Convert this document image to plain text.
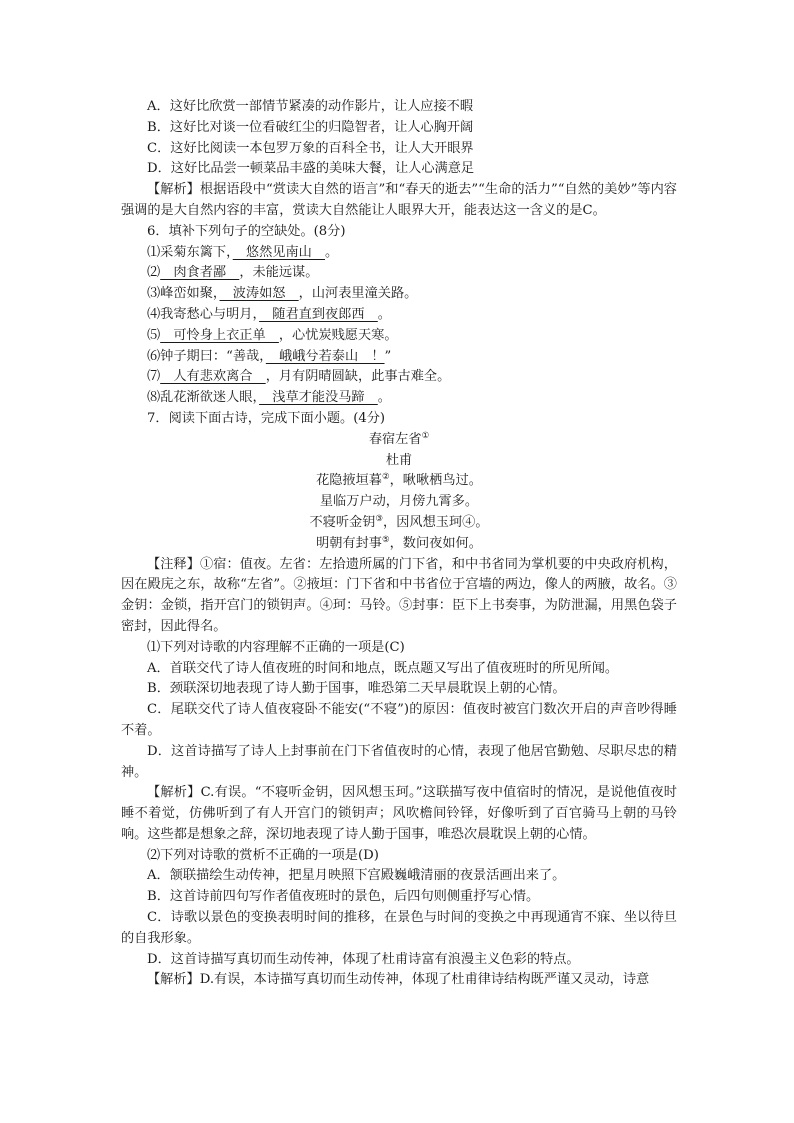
A．这好比欣赏一部情节紧凑的动作影片，让人应接不暇
B．这好比对谈一位看破红尘的归隐智者，让人心胸开阔
C．这好比阅读一本包罗万象的百科全书，让人大开眼界
D．这好比品尝一顿菜品丰盛的美味大餐，让人心满意足
【解析】根据语段中“赏读大自然的语言”和“春天的逝去”“生命的活力”“自然的美妙”等内容强调的是大自然内容的丰富，赏读大自然能让人眼界大开，能表达这一含义的是C。
6．填补下列句子的空缺处。(8分)
⑴采菊东篱下，　悠然见南山　。
⑵　肉食者鄙　，未能远谋。
⑶峰峦如聚，　波涛如怒　，山河表里潼关路。
⑷我寄愁心与明月，　随君直到夜郎西　。
⑸　可怜身上衣正单　，心忧炭贱愿天寒。
⑹钟子期曰：“善哉，　峨峨兮若泰山　！”
⑺　人有悲欢离合　，月有阴晴圆缺，此事古难全。
⑻乱花渐欲迷人眼，　浅草才能没马蹄　。
7．阅读下面古诗，完成下面小题。(4分)
春宿左省①
杜甫
花隐掖垣暮②，啾啾栖鸟过。
星临万户动，月傍九霄多。
不寝听金钥③，因风想玉珂④。
明朝有封事⑤，数问夜如何。
【注释】①宿：值夜。左省：左拾遗所属的门下省，和中书省同为掌机要的中央政府机构，因在殿庑之东，故称“左省”。②掖垣：门下省和中书省位于宫墙的两边，像人的两腋，故名。③金钥：金锁，指开宫门的锁钥声。④珂：马铃。⑤封事：臣下上书奏事，为防泄漏，用黑色袋子密封，因此得名。
⑴下列对诗歌的内容理解不正确的一项是(C)
A．首联交代了诗人值夜班的时间和地点，既点题又写出了值夜班时的所见所闻。
B．颈联深切地表现了诗人勤于国事，唯恐第二天早晨耽误上朝的心情。
C．尾联交代了诗人值夜寝卧不能安(“不寝”)的原因：值夜时被宫门数次开启的声音吵得睡不着。
D．这首诗描写了诗人上封事前在门下省值夜时的心情，表现了他居官勤勉、尽职尽忠的精神。
【解析】C.有误。“不寝听金钥，因风想玉珂。”这联描写夜中值宿时的情况，是说他值夜时睡不着觉，仿佛听到了有人开宫门的锁钥声；风吹檐间铃铎，好像听到了百官骑马上朝的马铃响。这些都是想象之辞，深切地表现了诗人勤于国事，唯恐次晨耽误上朝的心情。
⑵下列对诗歌的赏析不正确的一项是(D)
A．颔联描绘生动传神，把星月映照下宫殿巍峨清丽的夜景活画出来了。
B．这首诗前四句写作者值夜班时的景色，后四句则侧重抒写心情。
C．诗歌以景色的变换表明时间的推移，在景色与时间的变换之中再现通宵不寐、坐以待旦的自我形象。
D．这首诗描写真切而生动传神，体现了杜甫诗富有浪漫主义色彩的特点。
【解析】D.有误，本诗描写真切而生动传神，体现了杜甫律诗结构既严谨又灵动，诗意
